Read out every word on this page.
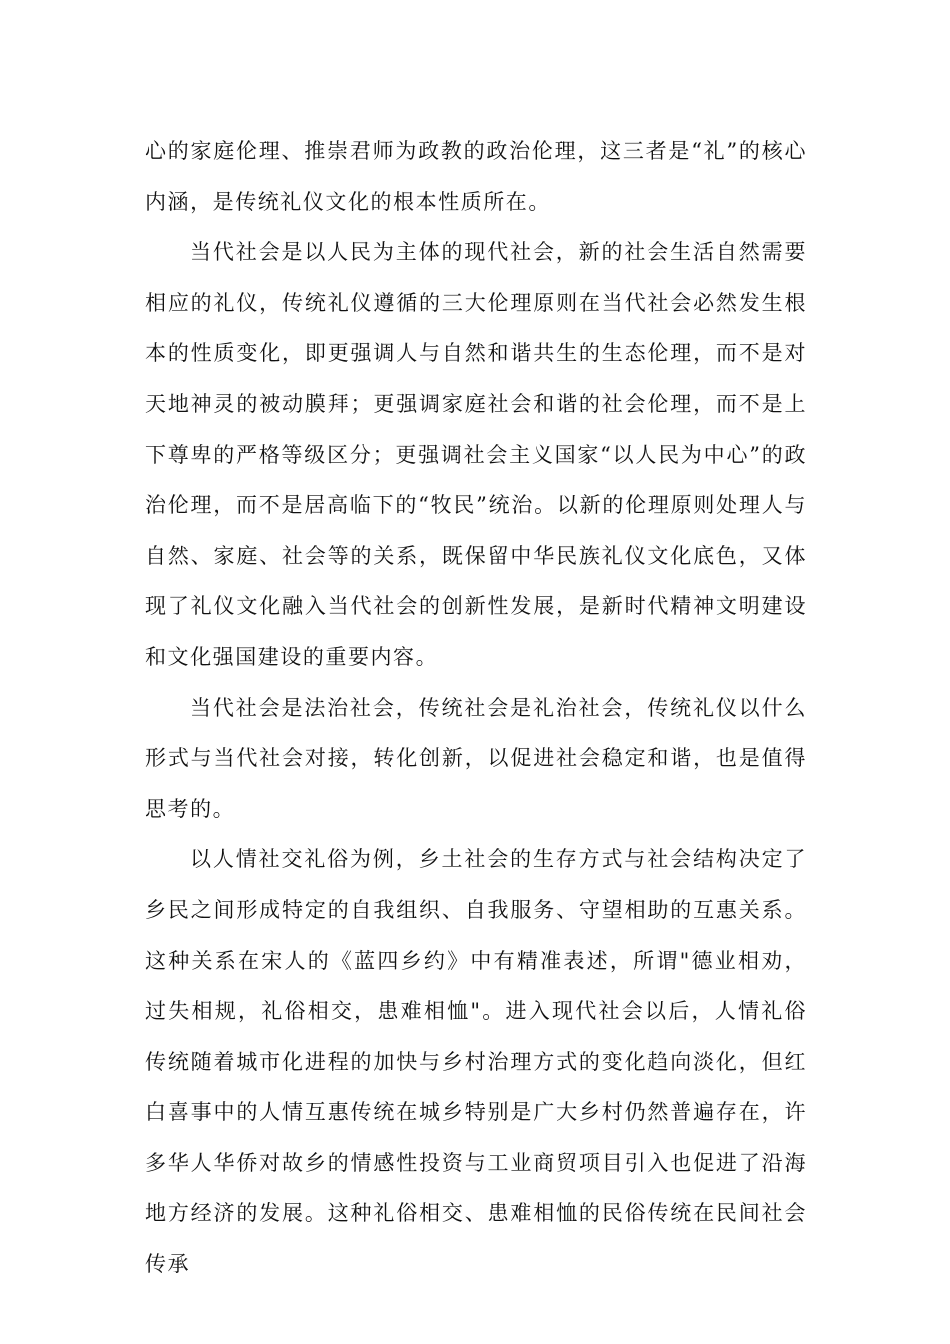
心的家庭伦理、推崇君师为政教的政治伦理，这三者是“礼”的核心内涵，是传统礼仪文化的根本性质所在。

当代社会是以人民为主体的现代社会，新的社会生活自然需要相应的礼仪，传统礼仪遵循的三大伦理原则在当代社会必然发生根本的性质变化，即更强调人与自然和谐共生的生态伦理，而不是对天地神灵的被动膜拜；更强调家庭社会和谐的社会伦理，而不是上下尊卑的严格等级区分；更强调社会主义国家“以人民为中心”的政治伦理，而不是居高临下的“牧民”统治。以新的伦理原则处理人与自然、家庭、社会等的关系，既保留中华民族礼仪文化底色，又体现了礼仪文化融入当代社会的创新性发展，是新时代精神文明建设和文化强国建设的重要内容。

当代社会是法治社会，传统社会是礼治社会，传统礼仪以什么形式与当代社会对接，转化创新，以促进社会稳定和谐，也是值得思考的。

以人情社交礼俗为例，乡土社会的生存方式与社会结构决定了乡民之间形成特定的自我组织、自我服务、守望相助的互惠关系。这种关系在宋人的《蓝四乡约》中有精准表述，所谓"德业相劝，过失相规，礼俗相交，患难相恤"。进入现代社会以后，人情礼俗传统随着城市化进程的加快与乡村治理方式的变化趋向淡化，但红白喜事中的人情互惠传统在城乡特别是广大乡村仍然普遍存在，许多华人华侨对故乡的情感性投资与工业商贸项目引入也促进了沿海地方经济的发展。这种礼俗相交、患难相恤的民俗传统在民间社会传承
